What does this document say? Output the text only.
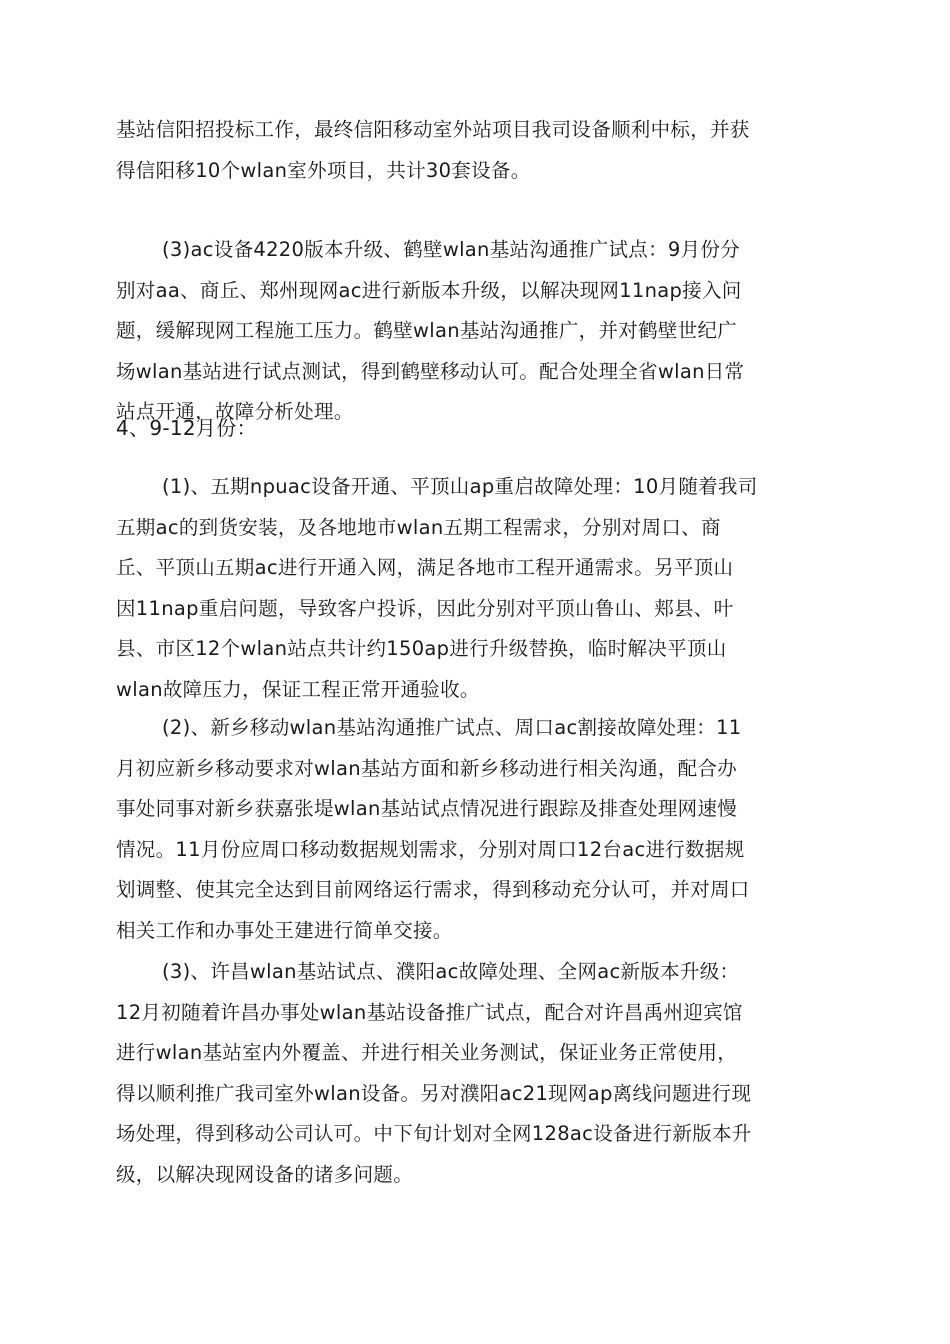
基站信阳招投标工作，最终信阳移动室外站项目我司设备顺利中标，并获
得信阳移10个wlan室外项目，共计30套设备。
(3)ac设备4220版本升级、鹤壁wlan基站沟通推广试点：9月份分
别对aa、商丘、郑州现网ac进行新版本升级，以解决现网11nap接入问
题，缓解现网工程施工压力。鹤壁wlan基站沟通推广，并对鹤壁世纪广
场wlan基站进行试点测试，得到鹤壁移动认可。配合处理全省wlan日常
站点开通，故障分析处理。
4、9-12月份：
(1)、五期npuac设备开通、平顶山ap重启故障处理：10月随着我司
五期ac的到货安装，及各地地市wlan五期工程需求，分别对周口、商
丘、平顶山五期ac进行开通入网，满足各地市工程开通需求。另平顶山
因11nap重启问题，导致客户投诉，因此分别对平顶山鲁山、郏县、叶
县、市区12个wlan站点共计约150ap进行升级替换，临时解决平顶山
wlan故障压力，保证工程正常开通验收。
(2)、新乡移动wlan基站沟通推广试点、周口ac割接故障处理：11
月初应新乡移动要求对wlan基站方面和新乡移动进行相关沟通，配合办
事处同事对新乡获嘉张堤wlan基站试点情况进行跟踪及排查处理网速慢
情况。11月份应周口移动数据规划需求，分别对周口12台ac进行数据规
划调整、使其完全达到目前网络运行需求，得到移动充分认可，并对周口
相关工作和办事处王建进行简单交接。
(3)、许昌wlan基站试点、濮阳ac故障处理、全网ac新版本升级：
12月初随着许昌办事处wlan基站设备推广试点，配合对许昌禹州迎宾馆
进行wlan基站室内外覆盖、并进行相关业务测试，保证业务正常使用，
得以顺利推广我司室外wlan设备。另对濮阳ac21现网ap离线问题进行现
场处理，得到移动公司认可。中下旬计划对全网128ac设备进行新版本升
级，以解决现网设备的诸多问题。
